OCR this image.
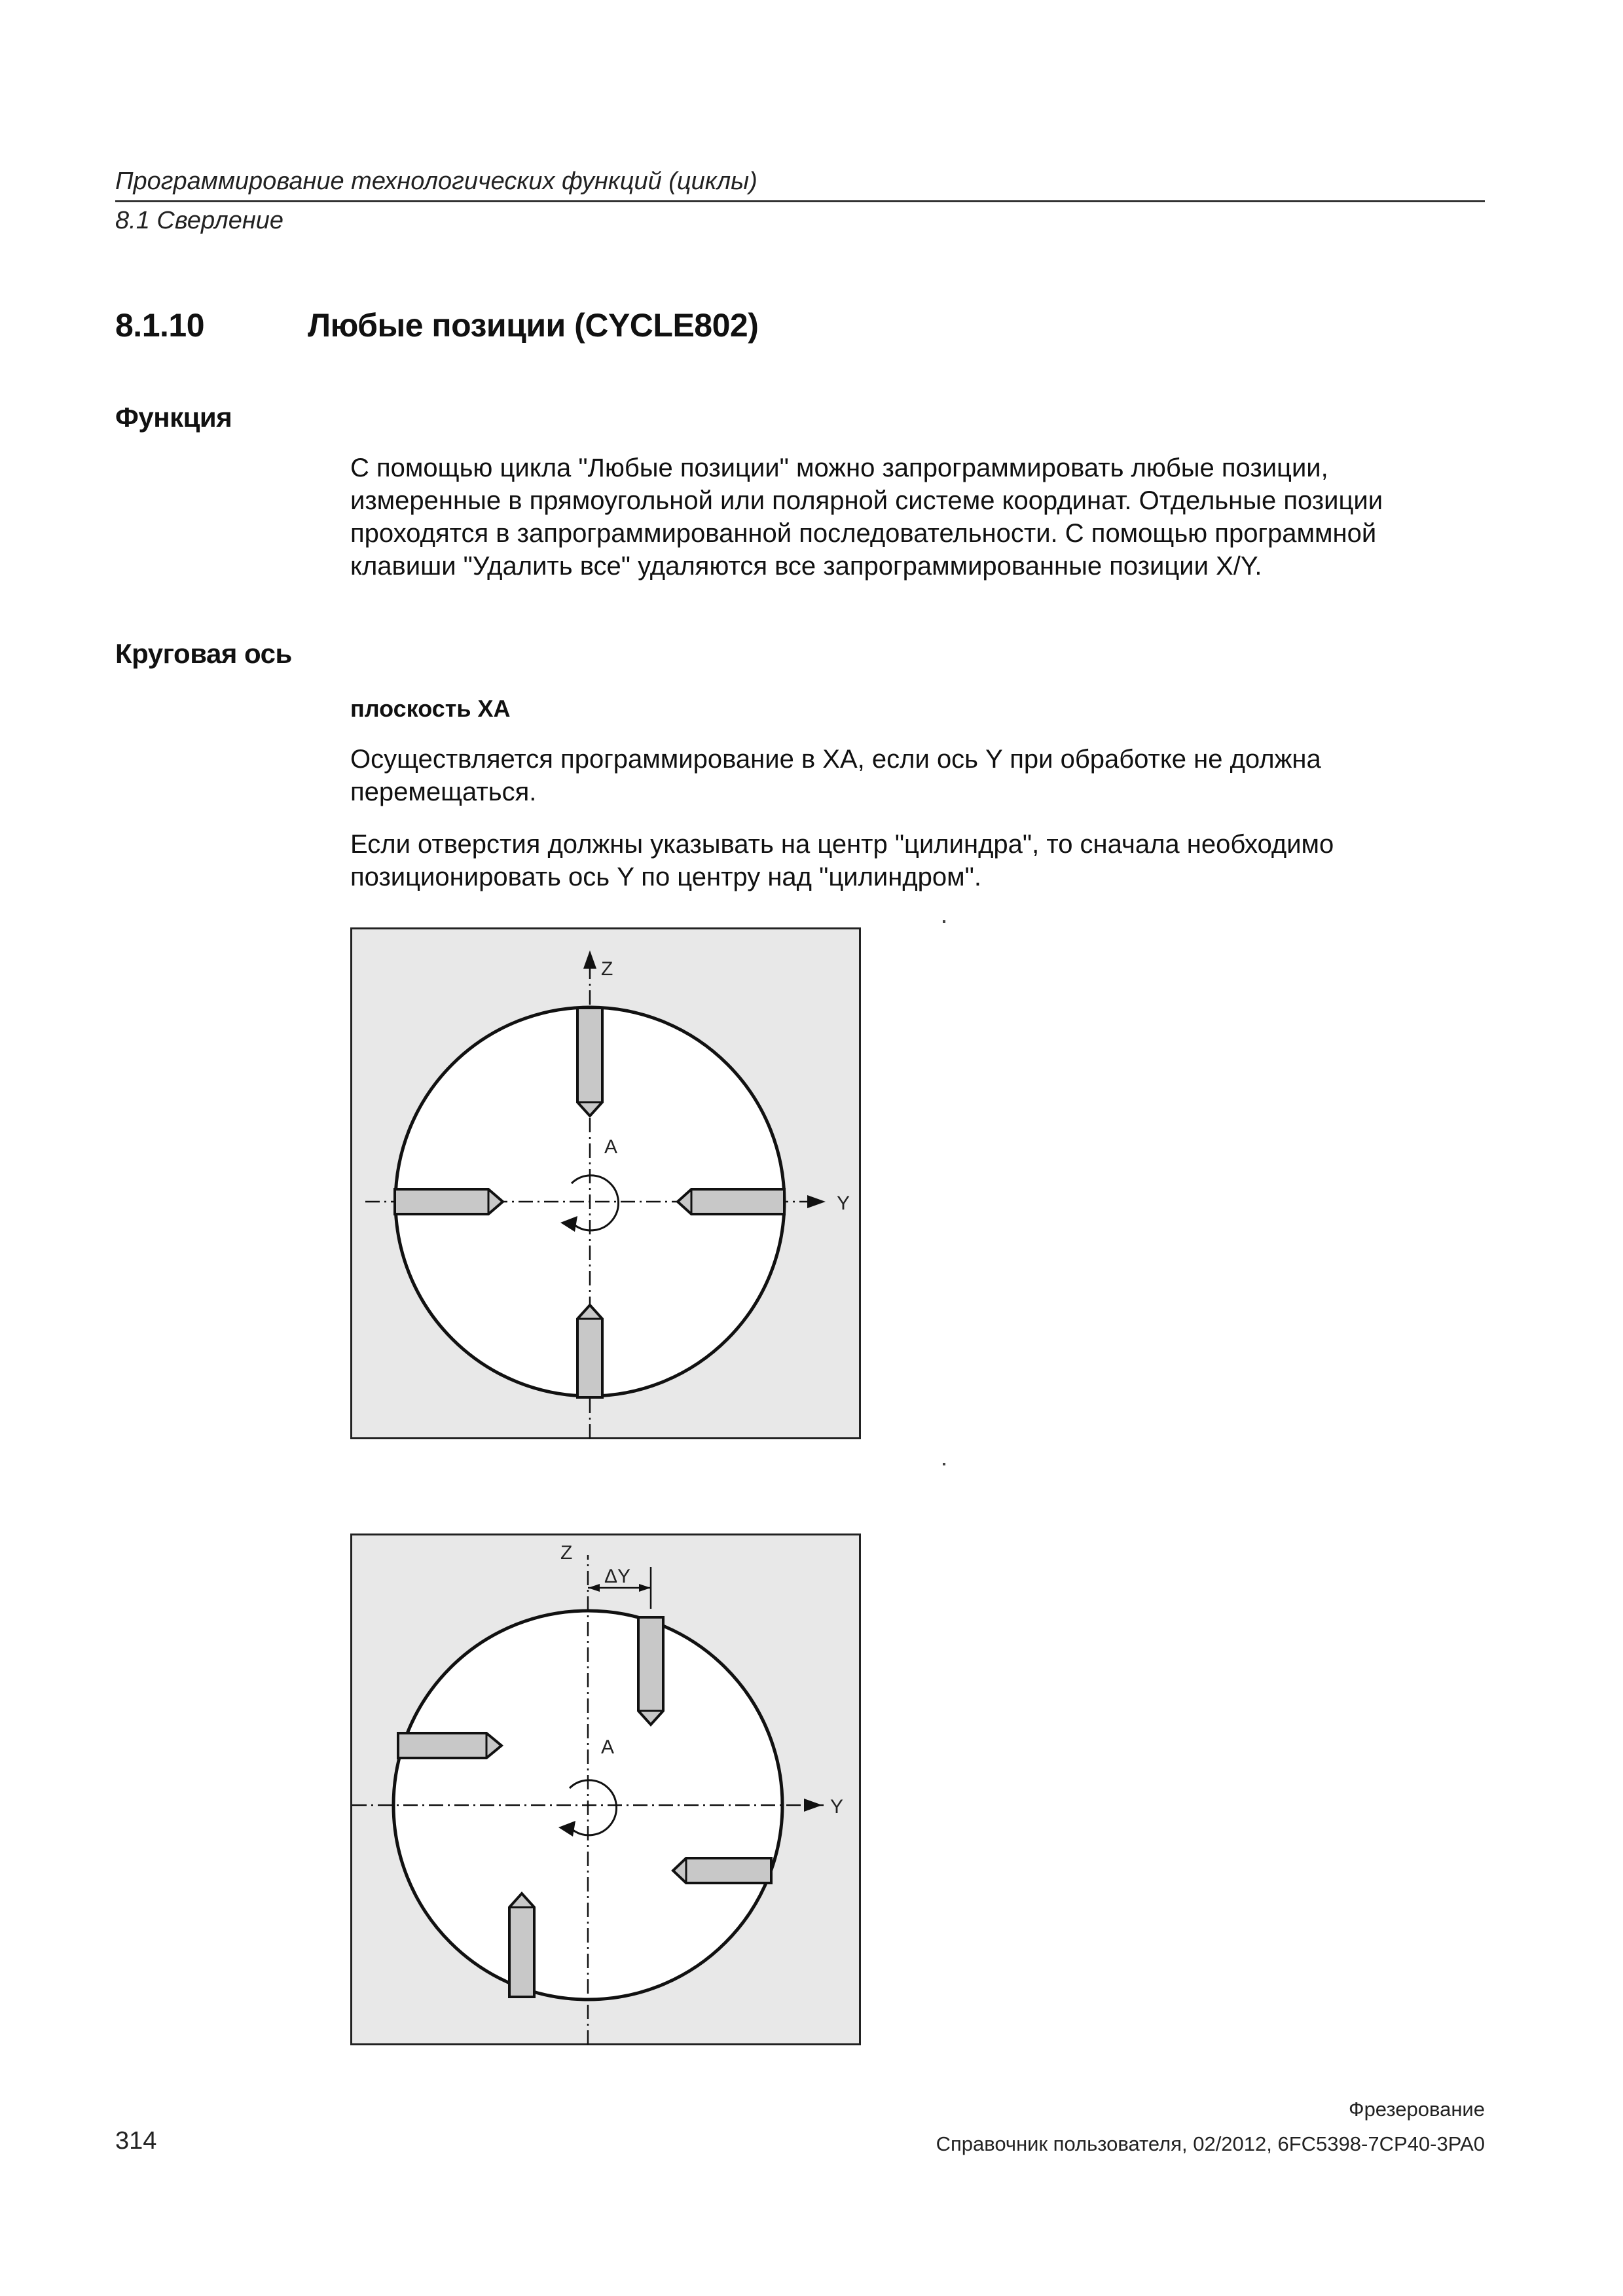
Программирование технологических функций (циклы)
8.1 Сверление
8.1.10	Любые позиции (CYCLE802)
Функция
С помощью цикла "Любые позиции" можно запрограммировать любые позиции,
измеренные в прямоугольной или полярной системе координат. Отдельные позиции
проходятся в запрограммированной последовательности. С помощью программной
клавиши "Удалить все" удаляются все запрограммированные позиции X/Y.
Круговая ось
плоскость XA
Осуществляется программирование в XA, если ось Y при обработке не должна
перемещаться.
Если отверстия должны указывать на центр "цилиндра", то сначала необходимо
позиционировать ось Y по центру над "цилиндром".
Z
Y
A
ΔY
Z
Y
A
Фрезерование
314	Справочник пользователя, 02/2012, 6FC5398-7CP40-3PA0
